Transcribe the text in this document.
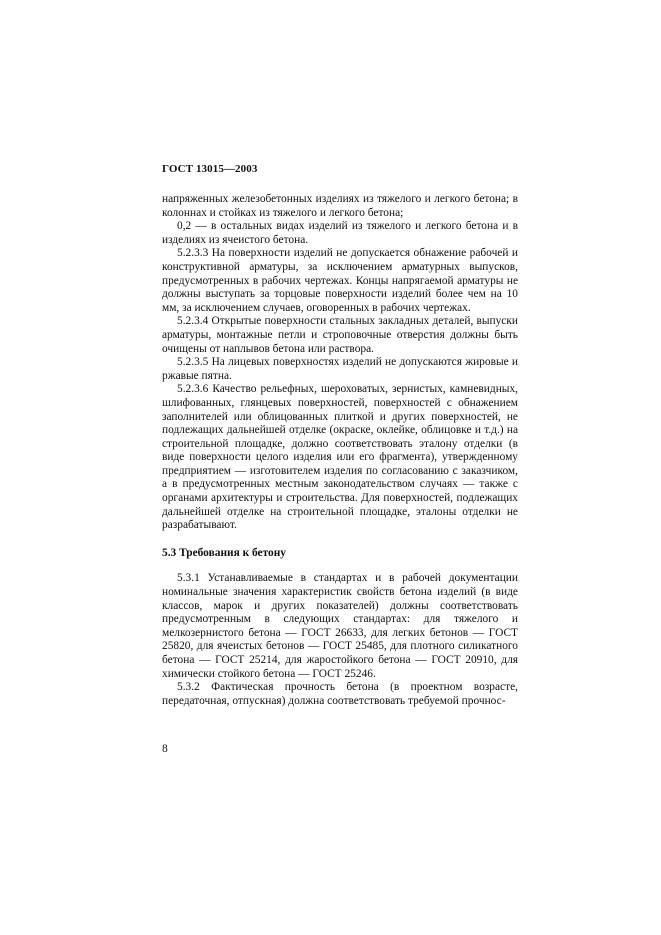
ГОСТ 13015—2003

напряженных железобетонных изделиях из тяжелого и легкого бетона; в колоннах и стойках из тяжелого и легкого бетона;

0,2 — в остальных видах изделий из тяжелого и легкого бетона и в изделиях из ячеистого бетона.

5.2.3.3 На поверхности изделий не допускается обнажение рабочей и конструктивной арматуры, за исключением арматурных выпусков, предусмотренных в рабочих чертежах. Концы напрягаемой арматуры не должны выступать за торцовые поверхности изделий более чем на 10 мм, за исключением случаев, оговоренных в рабочих чертежах.

5.2.3.4 Открытые поверхности стальных закладных деталей, выпуски арматуры, монтажные петли и строповочные отверстия должны быть очищены от наплывов бетона или раствора.

5.2.3.5 На лицевых поверхностях изделий не допускаются жировые и ржавые пятна.

5.2.3.6 Качество рельефных, шероховатых, зернистых, камневидных, шлифованных, глянцевых поверхностей, поверхностей с обнажением заполнителей или облицованных плиткой и других поверхностей, не подлежащих дальнейшей отделке (окраске, оклейке, облицовке и т.д.) на строительной площадке, должно соответствовать эталону отделки (в виде поверхности целого изделия или его фрагмента), утвержденному предприятием — изготовителем изделия по согласованию с заказчиком, а в предусмотренных местным законодательством случаях — также с органами архитектуры и строительства. Для поверхностей, подлежащих дальнейшей отделке на строительной площадке, эталоны отделки не разрабатывают.

5.3 Требования к бетону

5.3.1 Устанавливаемые в стандартах и в рабочей документации номинальные значения характеристик свойств бетона изделий (в виде классов, марок и других показателей) должны соответствовать предусмотренным в следующих стандартах: для тяжелого и мелкозернистого бетона — ГОСТ 26633, для легких бетонов — ГОСТ 25820, для ячеистых бетонов — ГОСТ 25485, для плотного силикатного бетона — ГОСТ 25214, для жаростойкого бетона — ГОСТ 20910, для химически стойкого бетона — ГОСТ 25246.

5.3.2 Фактическая прочность бетона (в проектном возрасте, передаточная, отпускная) должна соответствовать требуемой прочнос-

8
